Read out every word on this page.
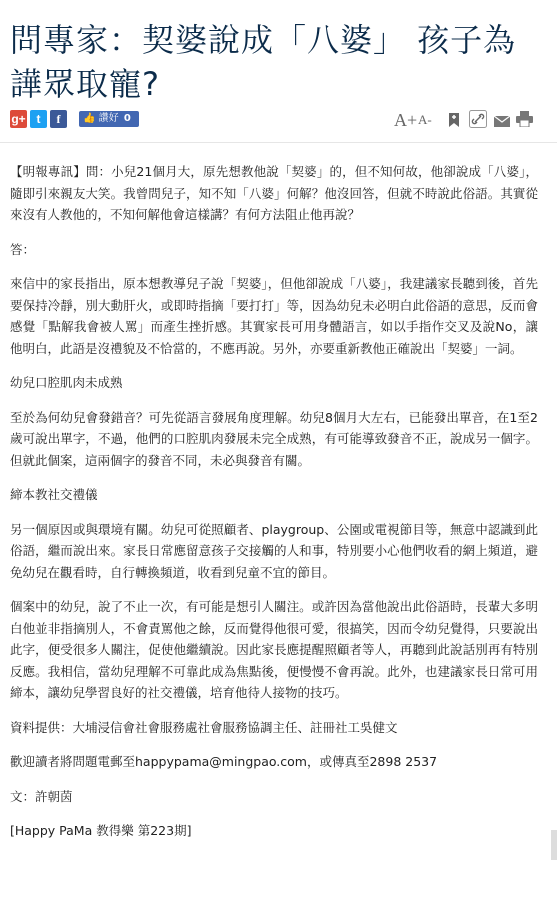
問專家：契婆說成「八婆」 孩子為譁眾取寵?
g+ t	f	👍 讚好 0	A+ A-

【明報專訊】問：小兒21個月大，原先想教他說「契婆」的，但不知何故，他卻說成「八婆」，隨即引來親友大笑。我曾問兒子，知不知「八婆」何解？他沒回答，但就不時說此俗語。其實從來沒有人教他的，不知何解他會這樣講？有何方法阻止他再說？

答：

來信中的家長指出，原本想教導兒子說「契婆」，但他卻說成「八婆」，我建議家長聽到後，首先要保持冷靜，別大動肝火，或即時指摘「要打打」等，因為幼兒未必明白此俗語的意思，反而會感覺「點解我會被人罵」而產生挫折感。其實家長可用身體語言，如以手指作交叉及說No，讓他明白，此語是沒禮貌及不恰當的，不應再說。另外，亦要重新教他正確說出「契婆」一詞。

幼兒口腔肌肉未成熟

至於為何幼兒會發錯音？可先從語言發展角度理解。幼兒8個月大左右，已能發出單音，在1至2歲可說出單字，不過，他們的口腔肌肉發展未完全成熟，有可能導致發音不正，說成另一個字。但就此個案，這兩個字的發音不同，未必與發音有關。

締本教社交禮儀

另一個原因或與環境有關。幼兒可從照顧者、playgroup、公園或電視節目等，無意中認識到此俗語，繼而說出來。家長日常應留意孩子交接觸的人和事，特別要小心他們收看的網上頻道，避免幼兒在觀看時，自行轉換頻道，收看到兒童不宜的節目。

個案中的幼兒，說了不止一次，有可能是想引人關注。或許因為當他說出此俗語時，長輩大多明白他並非指摘別人，不會責罵他之餘，反而覺得他很可愛，很搞笑，因而令幼兒覺得，只要說出此字，便受很多人關注，促使他繼續說。因此家長應提醒照顧者等人，再聽到此說話別再有特別反應。我相信，當幼兒理解不可靠此成為焦點後，便慢慢不會再說。此外，也建議家長日常可用締本，讓幼兒學習良好的社交禮儀，培育他待人接物的技巧。

資料提供：大埔浸信會社會服務處社會服務協調主任、註冊社工吳健文

歡迎讀者將問題電郵至happypama@mingpao.com，或傳真至2898 2537

文：許朝茵

[Happy PaMa 教得樂 第223期]
